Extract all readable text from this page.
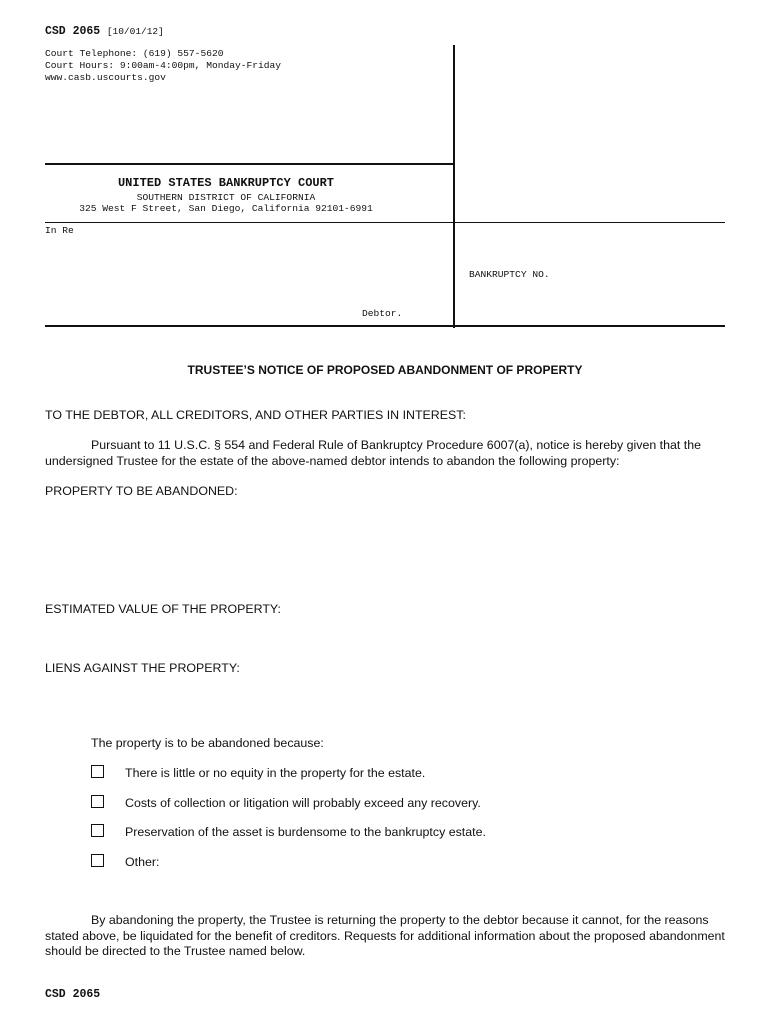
CSD 2065 [10/01/12]
Court Telephone: (619) 557-5620
Court Hours: 9:00am-4:00pm, Monday-Friday
www.casb.uscourts.gov
UNITED STATES BANKRUPTCY COURT
SOUTHERN DISTRICT OF CALIFORNIA
325 West F Street, San Diego, California 92101-6991
In Re
BANKRUPTCY NO.
Debtor.
TRUSTEE’S NOTICE OF PROPOSED ABANDONMENT OF PROPERTY
TO THE DEBTOR, ALL CREDITORS, AND OTHER PARTIES IN INTEREST:
Pursuant to 11 U.S.C. § 554 and Federal Rule of Bankruptcy Procedure 6007(a), notice is hereby given that the
undersigned Trustee for the estate of the above-named debtor intends to abandon the following property:
PROPERTY TO BE ABANDONED:
ESTIMATED VALUE OF THE PROPERTY:
LIENS AGAINST THE PROPERTY:
The property is to be abandoned because:
There is little or no equity in the property for the estate.
Costs of collection or litigation will probably exceed any recovery.
Preservation of the asset is burdensome to the bankruptcy estate.
Other:
By abandoning the property, the Trustee is returning the property to the debtor because it cannot, for the reasons
stated above, be liquidated for the benefit of creditors. Requests for additional information about the proposed abandonment
should be directed to the Trustee named below.
CSD 2065
